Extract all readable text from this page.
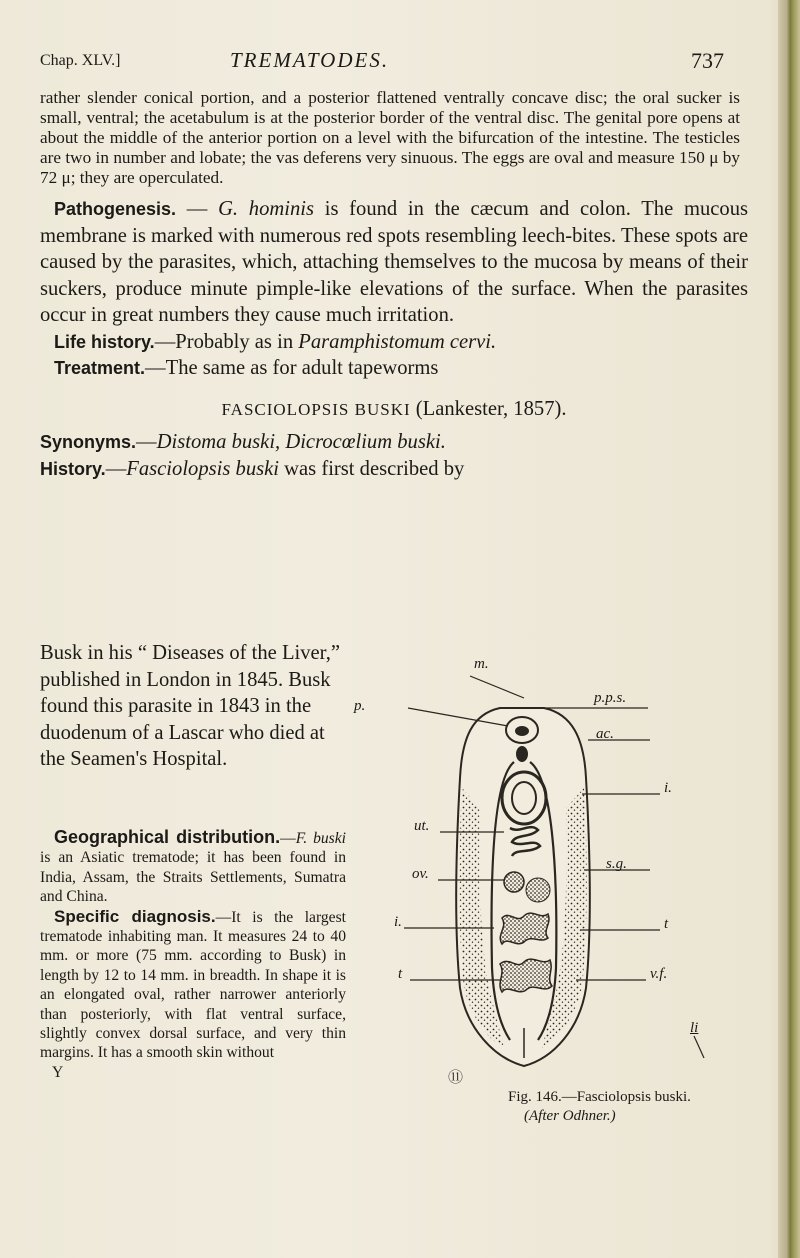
Chap. XLV.]	TREMATODES.	737

rather slender conical portion, and a posterior flattened ventrally concave disc; the oral sucker is small, ventral; the acetabulum is at the posterior border of the ventral disc. The genital pore opens at about the middle of the anterior portion on a level with the bifurcation of the intestine. The testicles are two in number and lobate; the vas deferens very sinuous. The eggs are oval and measure 150 μ by 72 μ; they are operculated.

Pathogenesis. — G. hominis is found in the cæcum and colon. The mucous membrane is marked with numerous red spots resembling leech-bites. These spots are caused by the parasites, which, attaching themselves to the mucosa by means of their suckers, produce minute pimple-like elevations of the surface. When the parasites occur in great numbers they cause much irritation.

Life history.—Probably as in Paramphistomum cervi.

Treatment.—The same as for adult tapeworms

FASCIOLOPSIS BUSKI (Lankester, 1857).

Synonyms.—Distoma buski, Dicrocœlium buski.

History.—Fasciolopsis buski was first described by

Busk in his “ Diseases of the Liver,” published in London in 1845. Busk found this parasite in 1843 in the duodenum of a Lascar who died at the Seamen's Hospital.

Geographical distribution.—F. buski is an Asiatic trematode; it has been found in India, Assam, the Straits Settlements, Sumatra and China.

Specific diagnosis.—It is the largest trematode inhabiting man. It measures 24 to 40 mm. or more (75 mm. according to Busk) in length by 12 to 14 mm. in breadth. In shape it is an elongated oval, rather narrower anteriorly than posteriorly, with flat ventral surface, slightly convex dorsal surface, and very thin margins. It has a smooth skin without

Y

m.
p.p.s.
ac.
i.
s.g.
t
v.f.
p.
ut.
ov.
i.
t
⑪
li
Fig. 146.—Fasciolopsis buski.
(After Odhner.)
